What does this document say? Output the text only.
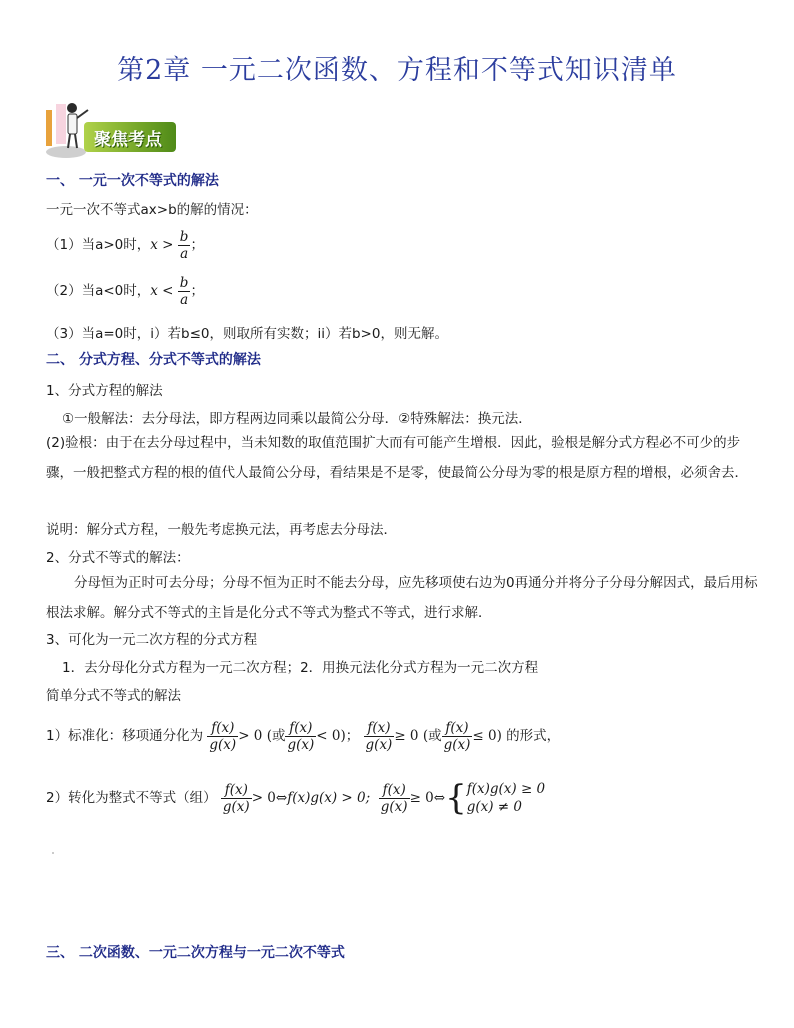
第2章 一元二次函数、方程和不等式知识清单
聚焦考点
一、 一元一次不等式的解法
一元一次不等式ax>b的解的情况：
（1）当a>0时，$x > \frac{b}{a}$ ；
（2）当a<0时，$x < \frac{b}{a}$ ；
（3）当a=0时，i）若b≤0，则取所有实数；ii）若b>0，则无解。
二、 分式方程、分式不等式的解法
1、分式方程的解法
①一般解法：去分母法，即方程两边同乘以最简公分母．②特殊解法：换元法．
(2)验根：由于在去分母过程中，当未知数的取值范围扩大而有可能产生增根．因此，验根是解分式方程必不可少的步骤，一般把整式方程的根的值代人最简公分母，看结果是不是零，使最简公分母为零的根是原方程的增根，必须舍去．
说明：解分式方程，一般先考虑换元法，再考虑去分母法．
2、分式不等式的解法：
分母恒为正时可去分母；分母不恒为正时不能去分母，应先移项使右边为0再通分并将分子分母分解因式，最后用标根法求解。解分式不等式的主旨是化分式不等式为整式不等式，进行求解．
3、可化为一元二次方程的分式方程
1．去分母化分式方程为一元二次方程；2．用换元法化分式方程为一元二次方程
简单分式不等式的解法
1）标准化：移项通分化为 $\frac{f(x)}{g(x)} > 0$ (或 $\frac{f(x)}{g(x)} < 0$)； $\frac{f(x)}{g(x)} \ge 0$ (或 $\frac{f(x)}{g(x)} \le 0$) 的形式，
2）转化为整式不等式（组） $\frac{f(x)}{g(x)}$ > 0⇔f(x)g(x) > 0; $\frac{f(x)}{g(x)}$ ≥ 0⇔{ f(x)g(x) ≥ 0
g(x) ≠ 0
三、 二次函数、一元二次方程与一元二次不等式
